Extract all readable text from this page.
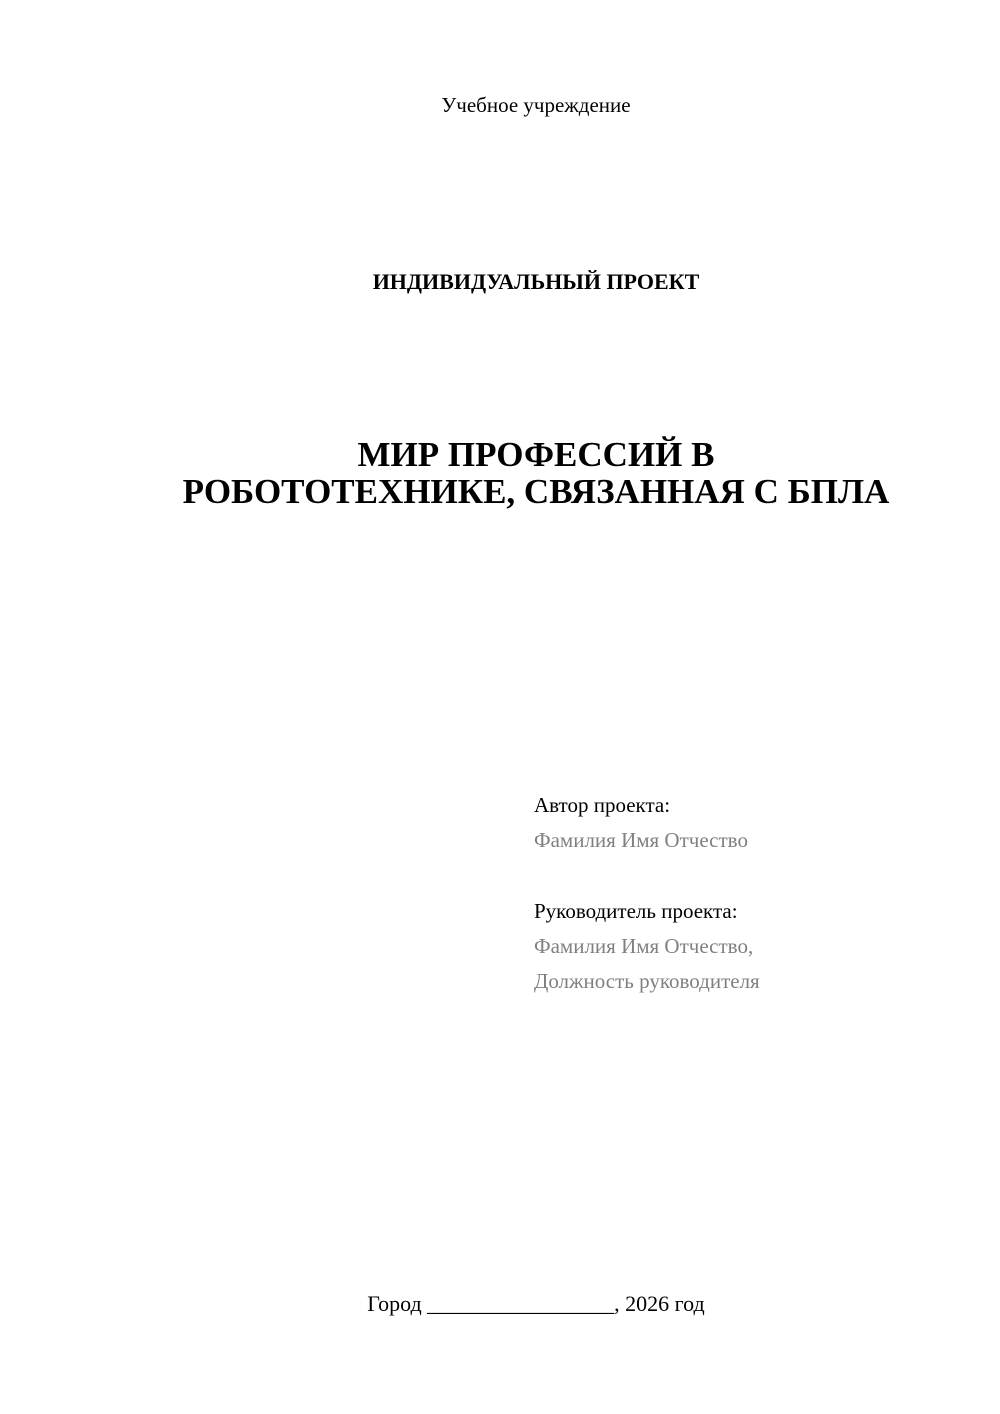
Учебное учреждение
ИНДИВИДУАЛЬНЫЙ ПРОЕКТ
МИР ПРОФЕССИЙ В
РОБОТОТЕХНИКЕ, СВЯЗАННАЯ С БПЛА
Автор проекта:
Фамилия Имя Отчество
Руководитель проекта:
Фамилия Имя Отчество,
Должность руководителя
Город _________________, 2026 год
